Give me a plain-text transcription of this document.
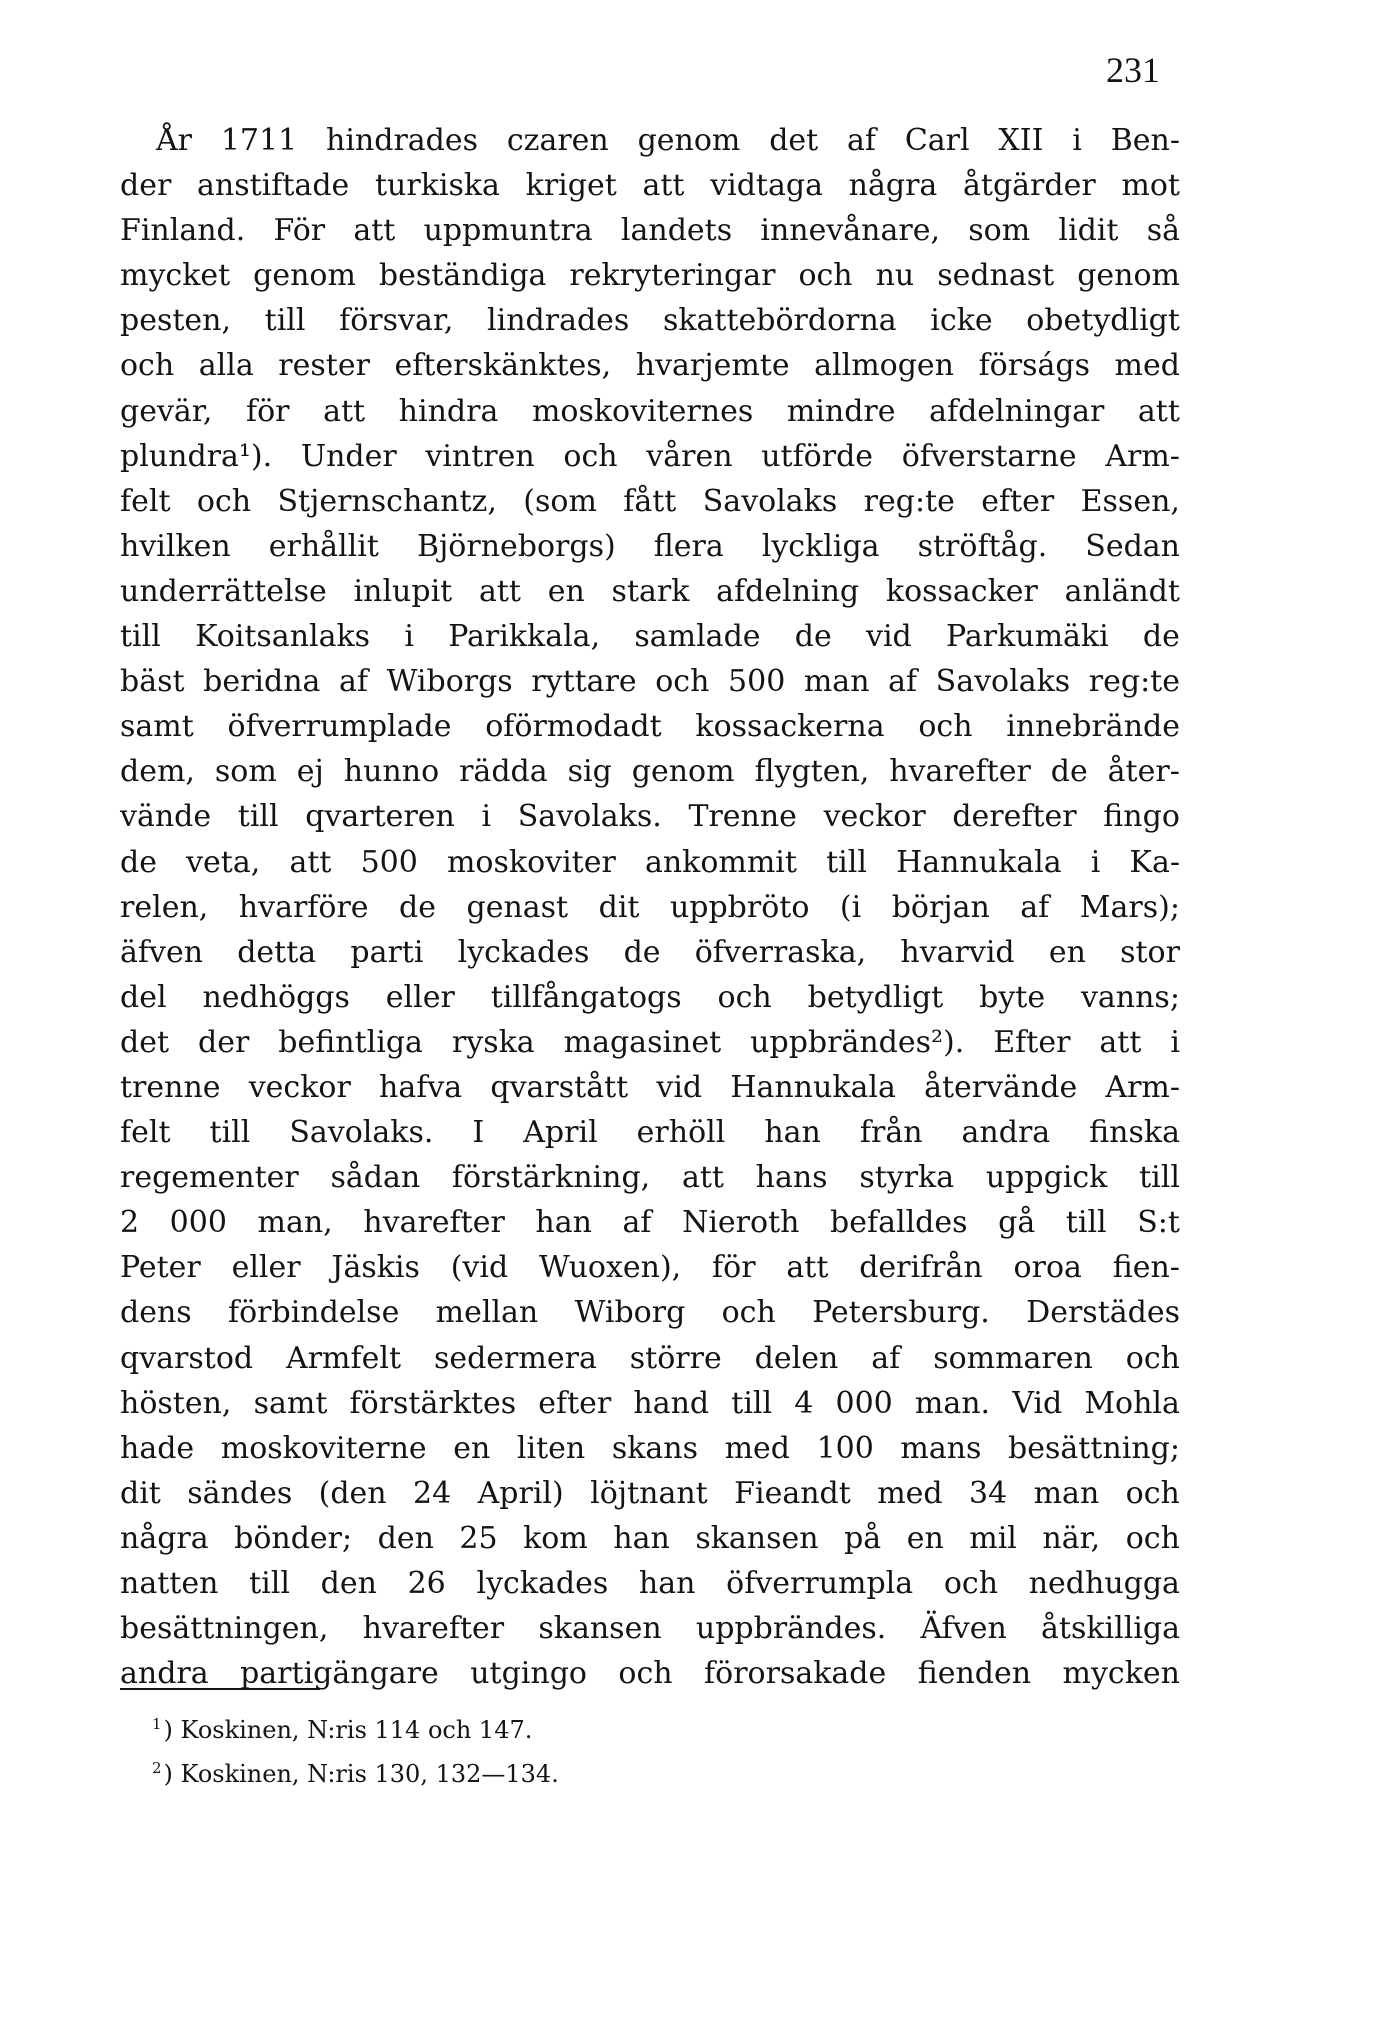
231
År 1711 hindrades czaren genom det af Carl XII i Ben-
der anstiftade turkiska kriget att vidtaga några åtgärder mot
Finland. För att uppmuntra landets innevånare, som lidit så
mycket genom beständiga rekryteringar och nu sednast genom
pesten, till försvar, lindrades skattebördorna icke obetydligt
och alla rester efterskänktes, hvarjemte allmogen förságs med
gevär, för att hindra moskoviternes mindre afdelningar att
plundra¹). Under vintren och våren utförde öfverstarne Arm-
felt och Stjernschantz, (som fått Savolaks reg:te efter Essen,
hvilken erhållit Björneborgs) flera lyckliga ströftåg. Sedan
underrättelse inlupit att en stark afdelning kossacker anländt
till Koitsanlaks i Parikkala, samlade de vid Parkumäki de
bäst beridna af Wiborgs ryttare och 500 man af Savolaks reg:te
samt öfverrumplade oförmodadt kossackerna och innebrände
dem, som ej hunno rädda sig genom flygten, hvarefter de åter-
vände till qvarteren i Savolaks. Trenne veckor derefter fingo
de veta, att 500 moskoviter ankommit till Hannukala i Ka-
relen, hvarföre de genast dit uppbröto (i början af Mars);
äfven detta parti lyckades de öfverraska, hvarvid en stor
del nedhöggs eller tillfångatogs och betydligt byte vanns;
det der befintliga ryska magasinet uppbrändes²). Efter att i
trenne veckor hafva qvarstått vid Hannukala återvände Arm-
felt till Savolaks. I April erhöll han från andra finska
regementer sådan förstärkning, att hans styrka uppgick till
2 000 man, hvarefter han af Nieroth befalldes gå till S:t
Peter eller Jäskis (vid Wuoxen), för att derifrån oroa fien-
dens förbindelse mellan Wiborg och Petersburg. Derstädes
qvarstod Armfelt sedermera större delen af sommaren och
hösten, samt förstärktes efter hand till 4 000 man. Vid Mohla
hade moskoviterne en liten skans med 100 mans besättning;
dit sändes (den 24 April) löjtnant Fieandt med 34 man och
några bönder; den 25 kom han skansen på en mil när, och
natten till den 26 lyckades han öfverrumpla och nedhugga
besättningen, hvarefter skansen uppbrändes. Äfven åtskilliga
andra partigängare utgingo och förorsakade fienden mycken
$^1$) Koskinen, N:ris 114 och 147.
$^2$) Koskinen, N:ris 130, 132—134.
